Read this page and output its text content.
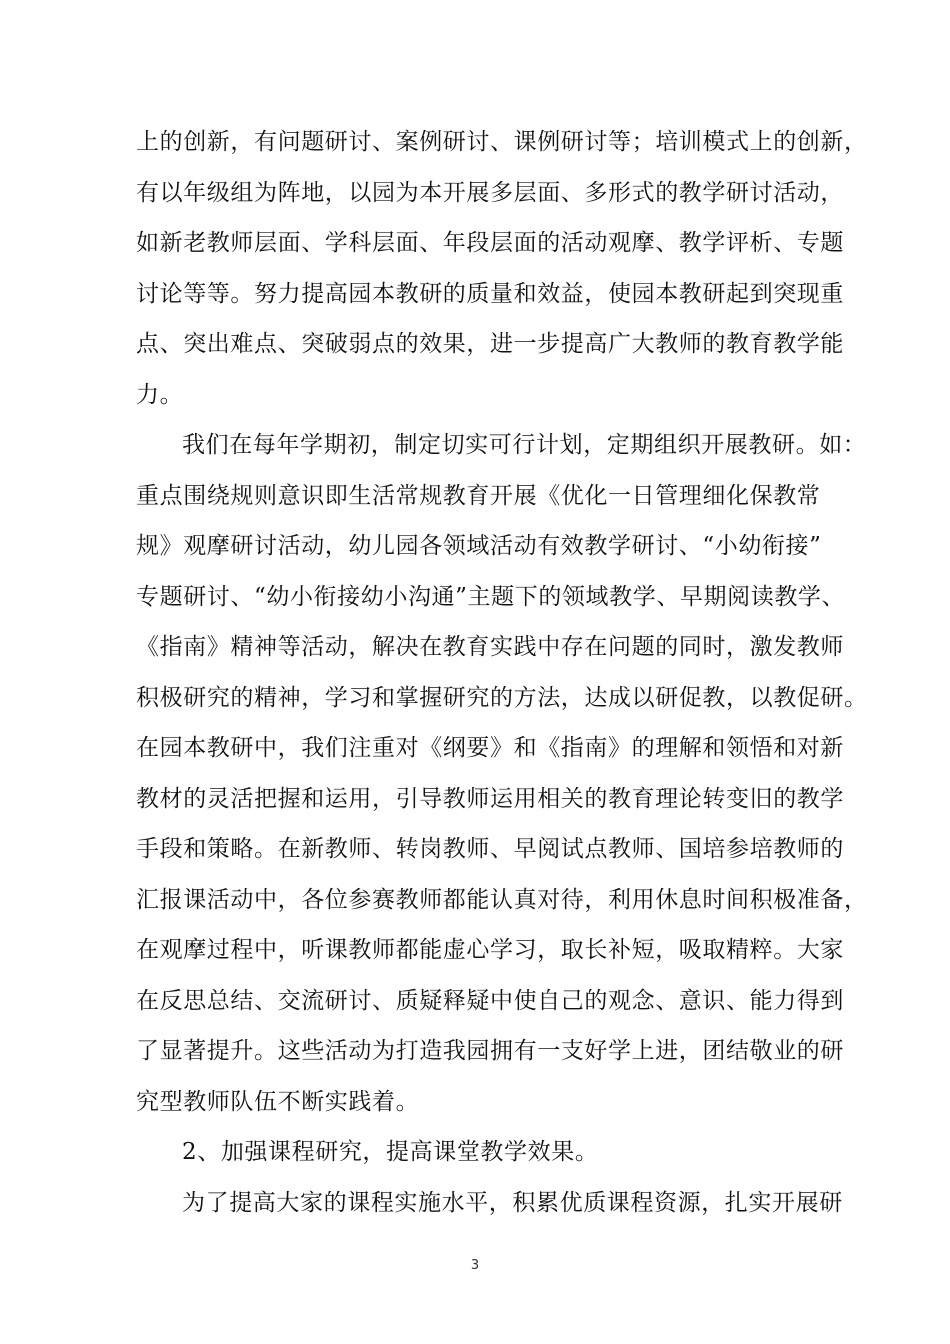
上的创新，有问题研讨、案例研讨、课例研讨等；培训模式上的创新，
有以年级组为阵地，以园为本开展多层面、多形式的教学研讨活动，
如新老教师层面、学科层面、年段层面的活动观摩、教学评析、专题
讨论等等。努力提高园本教研的质量和效益，使园本教研起到突现重
点、突出难点、突破弱点的效果，进一步提高广大教师的教育教学能
力。
我们在每年学期初，制定切实可行计划，定期组织开展教研。如：
重点围绕规则意识即生活常规教育开展《优化一日管理细化保教常
规》观摩研讨活动，幼儿园各领域活动有效教学研讨、“小幼衔接”
专题研讨、“幼小衔接幼小沟通”主题下的领域教学、早期阅读教学、
《指南》精神等活动，解决在教育实践中存在问题的同时，激发教师
积极研究的精神，学习和掌握研究的方法，达成以研促教，以教促研。
在园本教研中，我们注重对《纲要》和《指南》的理解和领悟和对新
教材的灵活把握和运用，引导教师运用相关的教育理论转变旧的教学
手段和策略。在新教师、转岗教师、早阅试点教师、国培参培教师的
汇报课活动中，各位参赛教师都能认真对待，利用休息时间积极准备，
在观摩过程中，听课教师都能虚心学习，取长补短，吸取精粹。大家
在反思总结、交流研讨、质疑释疑中使自己的观念、意识、能力得到
了显著提升。这些活动为打造我园拥有一支好学上进，团结敬业的研
究型教师队伍不断实践着。
2、加强课程研究，提高课堂教学效果。
为了提高大家的课程实施水平，积累优质课程资源，扎实开展研
3
